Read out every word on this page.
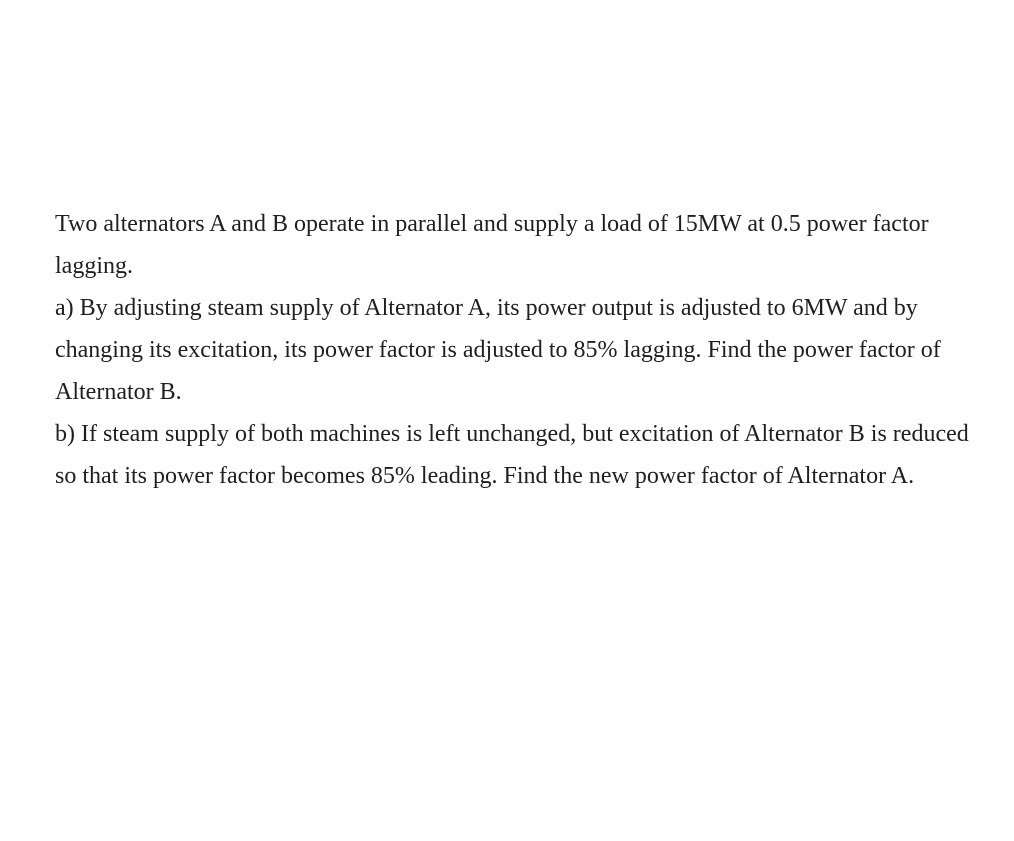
Two alternators A and B operate in parallel and supply a load of 15MW at 0.5 power factor lagging.

a) By adjusting steam supply of Alternator A, its power output is adjusted to 6MW and by changing its excitation, its power factor is adjusted to 85% lagging. Find the power factor of Alternator B.

b) If steam supply of both machines is left unchanged, but excitation of Alternator B is reduced so that its power factor becomes 85% leading. Find the new power factor of Alternator A.
